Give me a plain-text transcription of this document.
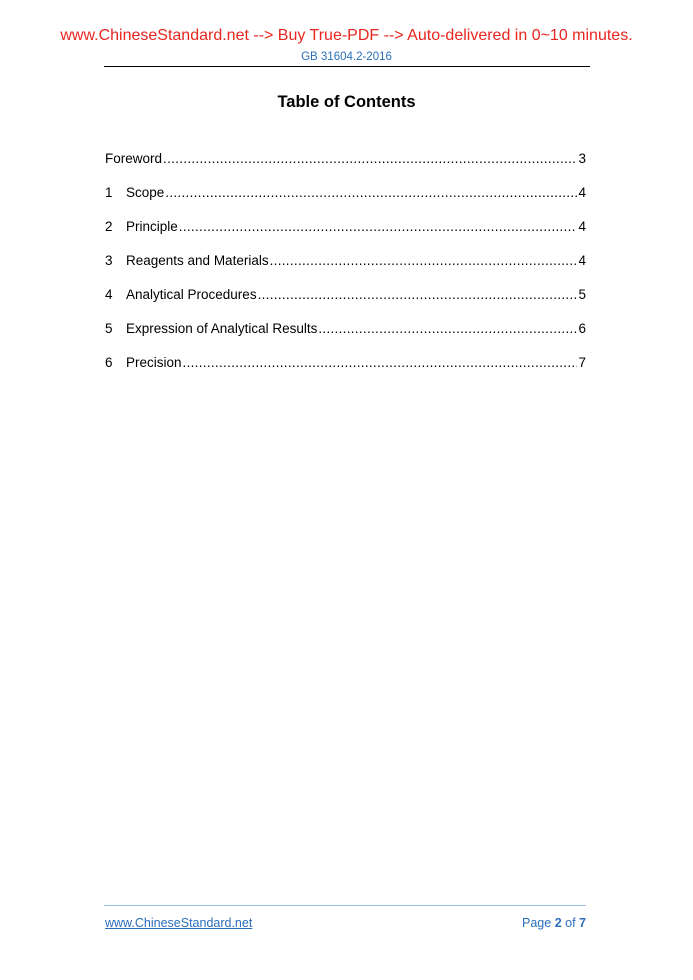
www.ChineseStandard.net --> Buy True-PDF --> Auto-delivered in 0~10 minutes.
GB 31604.2-2016
Table of Contents
Foreword .....	3
1 Scope .....	4
2 Principle .....	4
3 Reagents and Materials .....	4
4 Analytical Procedures .....	5
5 Expression of Analytical Results .....	6
6 Precision .....	7
www.ChineseStandard.net	Page 2 of 7
